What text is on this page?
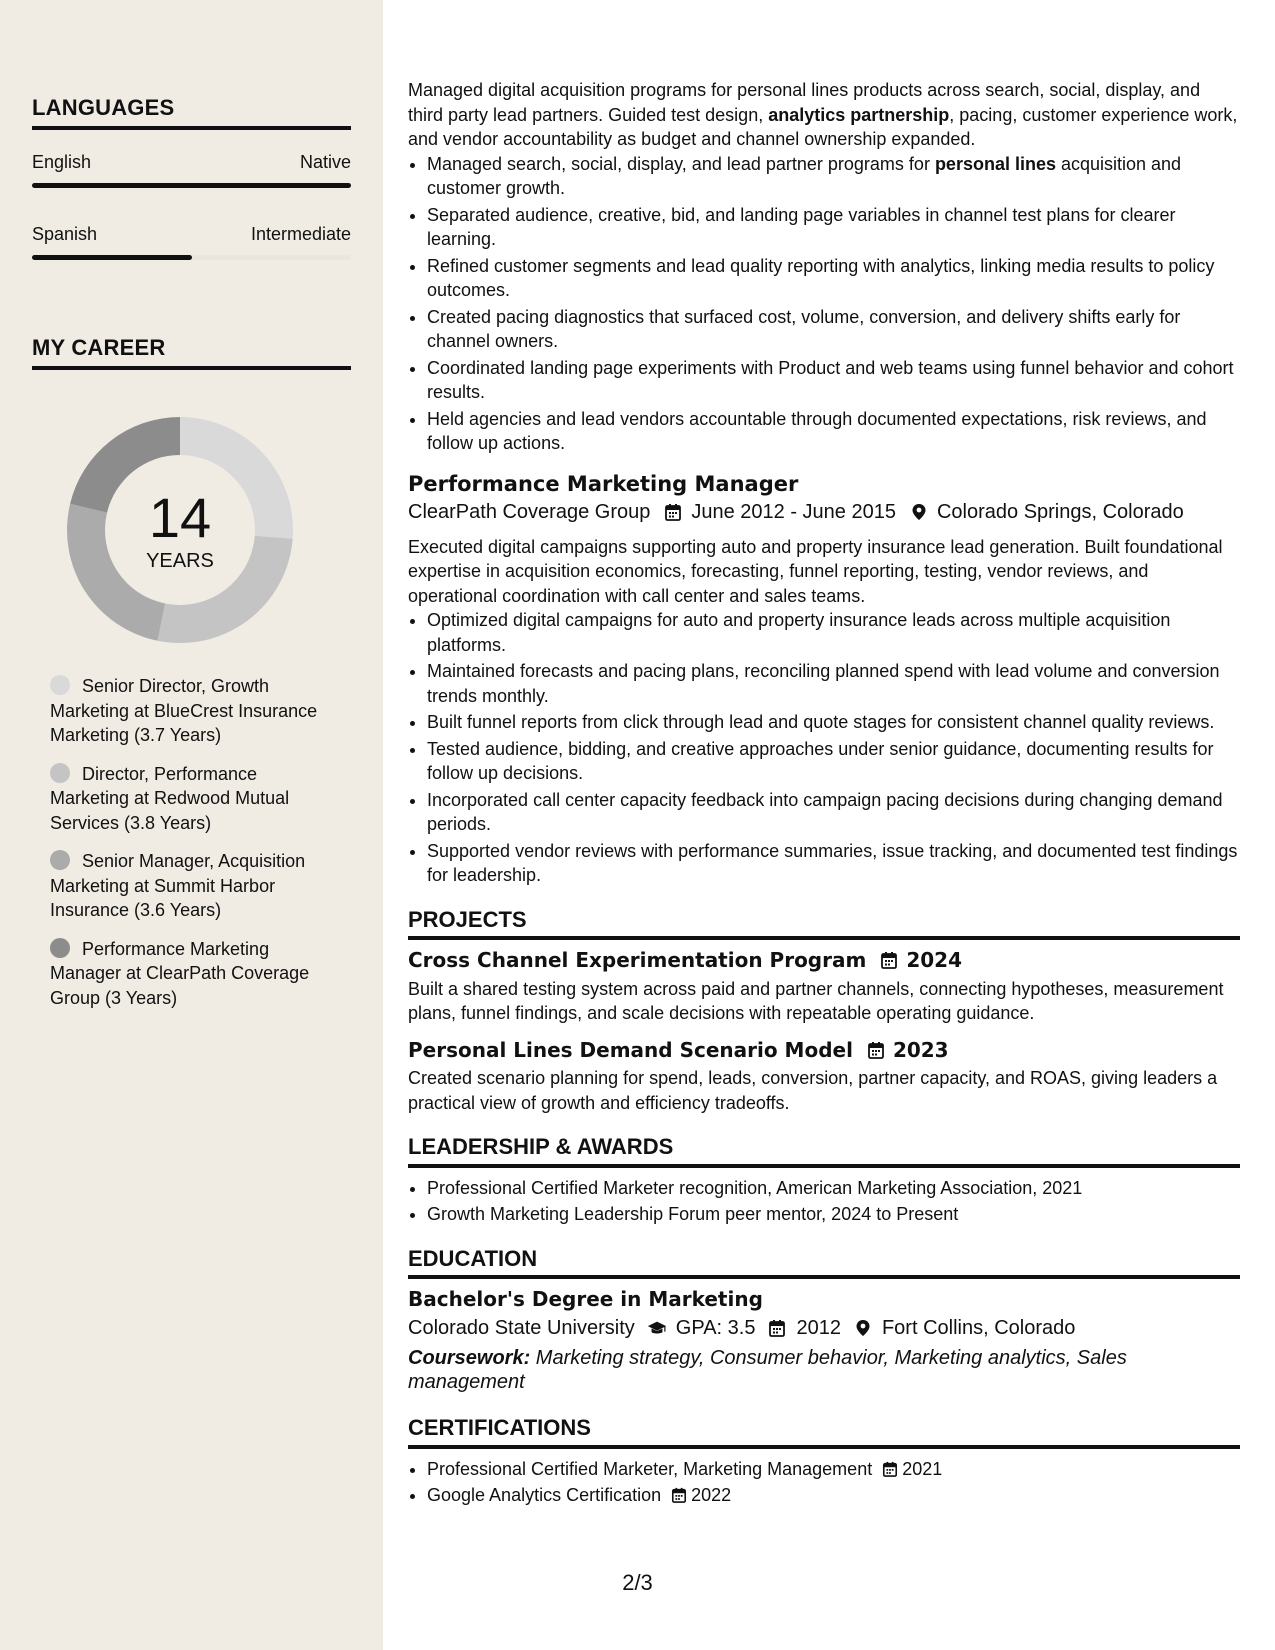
LANGUAGES
English	Native
Spanish	Intermediate
MY CAREER
14
YEARS
Senior Director, Growth Marketing at BlueCrest Insurance Marketing (3.7 Years)
Director, Performance Marketing at Redwood Mutual Services (3.8 Years)
Senior Manager, Acquisition Marketing at Summit Harbor Insurance (3.6 Years)
Performance Marketing Manager at ClearPath Coverage Group (3 Years)

Managed digital acquisition programs for personal lines products across search, social, display, and third party lead partners. Guided test design, analytics partnership, pacing, customer experience work, and vendor accountability as budget and channel ownership expanded.

• Managed search, social, display, and lead partner programs for personal lines acquisition and customer growth.
• Separated audience, creative, bid, and landing page variables in channel test plans for clearer learning.
• Refined customer segments and lead quality reporting with analytics, linking media results to policy outcomes.
• Created pacing diagnostics that surfaced cost, volume, conversion, and delivery shifts early for channel owners.
• Coordinated landing page experiments with Product and web teams using funnel behavior and cohort results.
• Held agencies and lead vendors accountable through documented expectations, risk reviews, and follow up actions.
Performance Marketing Manager
ClearPath Coverage Group June 2012 - June 2015 Colorado Springs, Colorado

Executed digital campaigns supporting auto and property insurance lead generation. Built foundational expertise in acquisition economics, forecasting, funnel reporting, testing, vendor reviews, and operational coordination with call center and sales teams.

• Optimized digital campaigns for auto and property insurance leads across multiple acquisition platforms.
• Maintained forecasts and pacing plans, reconciling planned spend with lead volume and conversion trends monthly.
• Built funnel reports from click through lead and quote stages for consistent channel quality reviews.
• Tested audience, bidding, and creative approaches under senior guidance, documenting results for follow up decisions.
• Incorporated call center capacity feedback into campaign pacing decisions during changing demand periods.
• Supported vendor reviews with performance summaries, issue tracking, and documented test findings for leadership.
PROJECTS
Cross Channel Experimentation Program 2024

Built a shared testing system across paid and partner channels, connecting hypotheses, measurement plans, funnel findings, and scale decisions with repeatable operating guidance.

Personal Lines Demand Scenario Model 2023

Created scenario planning for spend, leads, conversion, partner capacity, and ROAS, giving leaders a practical view of growth and efficiency tradeoffs.

LEADERSHIP & AWARDS
• Professional Certified Marketer recognition, American Marketing Association, 2021
• Growth Marketing Leadership Forum peer mentor, 2024 to Present
EDUCATION
Bachelor's Degree in Marketing
Colorado State University GPA: 3.5 2012 Fort Collins, Colorado

Coursework: Marketing strategy, Consumer behavior, Marketing analytics, Sales management

CERTIFICATIONS
• Professional Certified Marketer, Marketing Management 2021
• Google Analytics Certification 2022
2/3
